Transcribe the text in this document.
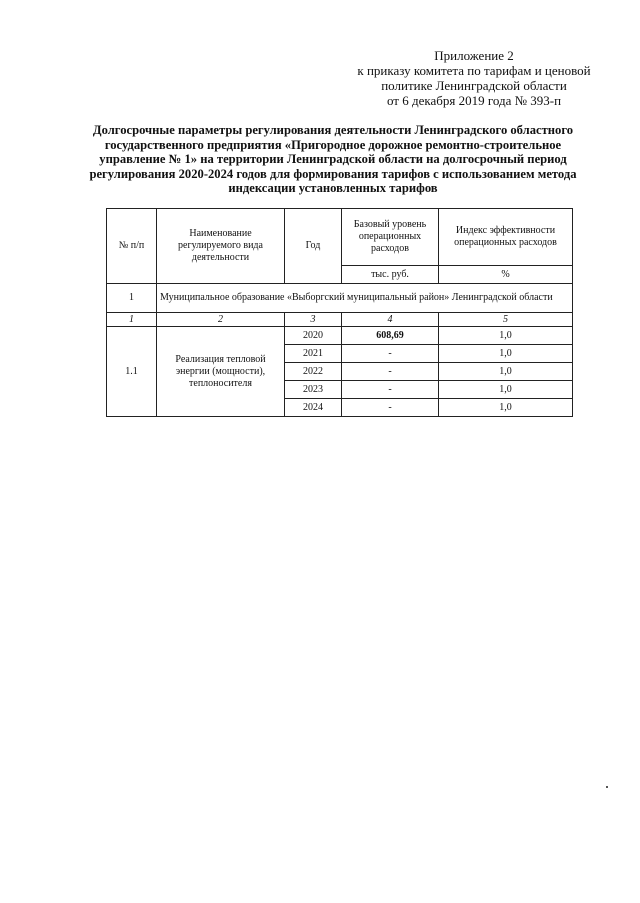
Приложение 2
к приказу комитета по тарифам и ценовой
политике Ленинградской области
от 6 декабря 2019 года № 393-п
Долгосрочные параметры регулирования деятельности Ленинградского областного
государственного предприятия «Пригородное дорожное ремонтно-строительное
управление № 1» на территории Ленинградской области на долгосрочный период
регулирования 2020-2024 годов для формирования тарифов с использованием метода
индексации установленных тарифов
№ п/п	Наименование регулируемого вида деятельности	Год	Базовый уровень операционных расходов	Индекс эффективности операционных расходов
			тыс. руб.	%
1	Муниципальное образование «Выборгский муниципальный район» Ленинградской области			
1	2	3	4	5
1.1	Реализация тепловой энергии (мощности), теплоносителя	2020	608,69	1,0
		2021	-	1,0
		2022	-	1,0
		2023	-	1,0
		2024	-	1,0
